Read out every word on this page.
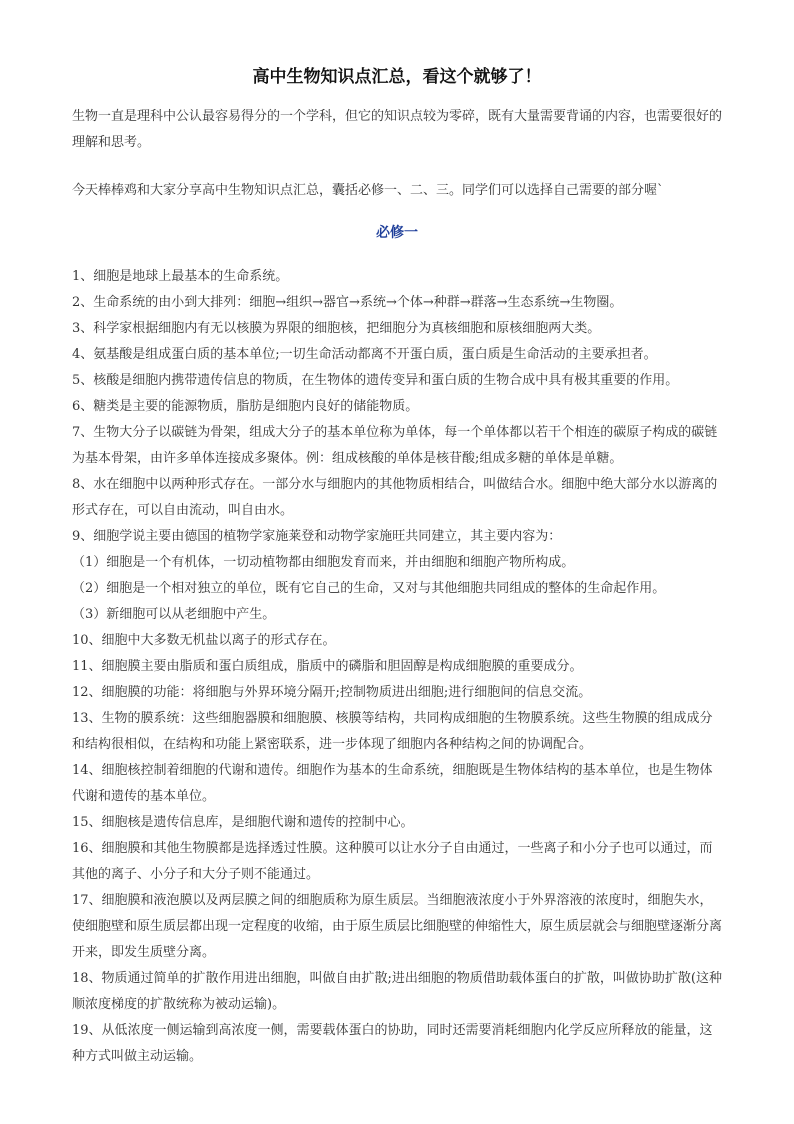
高中生物知识点汇总，看这个就够了！

生物一直是理科中公认最容易得分的一个学科，但它的知识点较为零碎，既有大量需要背诵的内容，也需要很好的理解和思考。

今天棒棒鸡和大家分享高中生物知识点汇总，囊括必修一、二、三。同学们可以选择自己需要的部分喔`

必修一

1、细胞是地球上最基本的生命系统。

2、生命系统的由小到大排列：细胞→组织→器官→系统→个体→种群→群落→生态系统→生物圈。

3、科学家根据细胞内有无以核膜为界限的细胞核，把细胞分为真核细胞和原核细胞两大类。

4、氨基酸是组成蛋白质的基本单位;一切生命活动都离不开蛋白质，蛋白质是生命活动的主要承担者。

5、核酸是细胞内携带遗传信息的物质，在生物体的遗传变异和蛋白质的生物合成中具有极其重要的作用。

6、糖类是主要的能源物质，脂肪是细胞内良好的储能物质。

7、生物大分子以碳链为骨架，组成大分子的基本单位称为单体，每一个单体都以若干个相连的碳原子构成的碳链为基本骨架，由许多单体连接成多聚体。例：组成核酸的单体是核苷酸;组成多糖的单体是单糖。

8、水在细胞中以两种形式存在。一部分水与细胞内的其他物质相结合，叫做结合水。细胞中绝大部分水以游离的形式存在，可以自由流动，叫自由水。

9、细胞学说主要由德国的植物学家施莱登和动物学家施旺共同建立，其主要内容为：

（1）细胞是一个有机体，一切动植物都由细胞发育而来，并由细胞和细胞产物所构成。

（2）细胞是一个相对独立的单位，既有它自己的生命，又对与其他细胞共同组成的整体的生命起作用。

（3）新细胞可以从老细胞中产生。

10、细胞中大多数无机盐以离子的形式存在。

11、细胞膜主要由脂质和蛋白质组成，脂质中的磷脂和胆固醇是构成细胞膜的重要成分。

12、细胞膜的功能：将细胞与外界环境分隔开;控制物质进出细胞;进行细胞间的信息交流。

13、生物的膜系统：这些细胞器膜和细胞膜、核膜等结构，共同构成细胞的生物膜系统。这些生物膜的组成成分和结构很相似，在结构和功能上紧密联系，进一步体现了细胞内各种结构之间的协调配合。

14、细胞核控制着细胞的代谢和遗传。细胞作为基本的生命系统，细胞既是生物体结构的基本单位，也是生物体代谢和遗传的基本单位。

15、细胞核是遗传信息库，是细胞代谢和遗传的控制中心。

16、细胞膜和其他生物膜都是选择透过性膜。这种膜可以让水分子自由通过，一些离子和小分子也可以通过，而其他的离子、小分子和大分子则不能通过。

17、细胞膜和液泡膜以及两层膜之间的细胞质称为原生质层。当细胞液浓度小于外界溶液的浓度时，细胞失水，使细胞壁和原生质层都出现一定程度的收缩，由于原生质层比细胞壁的伸缩性大，原生质层就会与细胞壁逐渐分离开来，即发生质壁分离。

18、物质通过简单的扩散作用进出细胞，叫做自由扩散;进出细胞的物质借助载体蛋白的扩散，叫做协助扩散(这种顺浓度梯度的扩散统称为被动运输)。

19、从低浓度一侧运输到高浓度一侧，需要载体蛋白的协助，同时还需要消耗细胞内化学反应所释放的能量，这种方式叫做主动运输。
